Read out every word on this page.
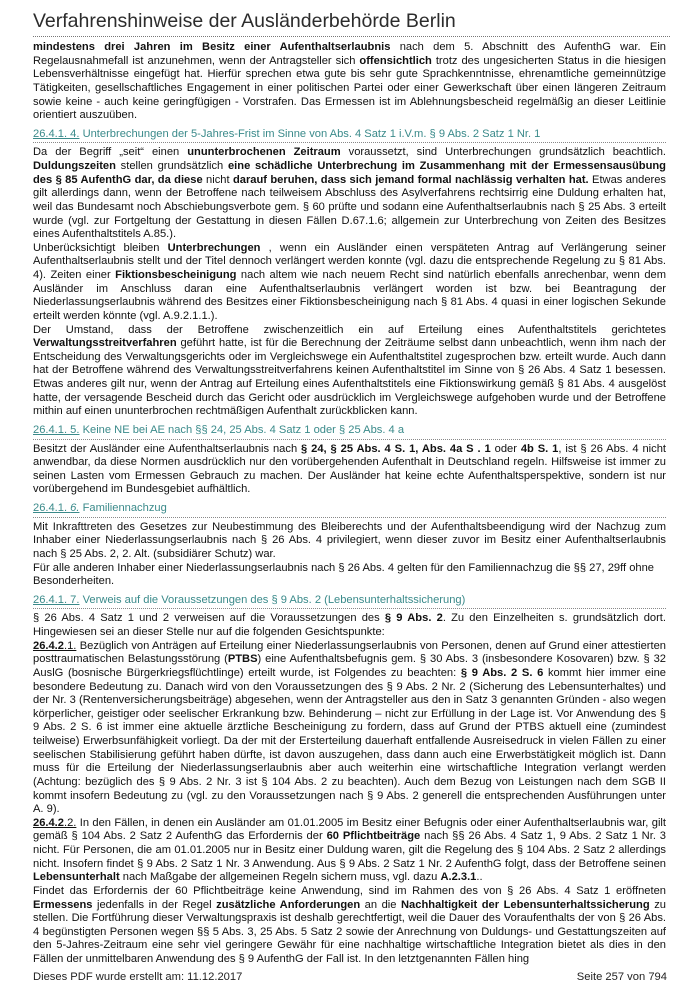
Verfahrenshinweise der Ausländerbehörde Berlin

mindestens drei Jahren im Besitz einer Aufenthaltserlaubnis nach dem 5. Abschnitt des AufenthG war. Ein Regelausnahmefall ist anzunehmen, wenn der Antragsteller sich offensichtlich trotz des ungesicherten Status in die hiesigen Lebensverhältnisse eingefügt hat. Hierfür sprechen etwa gute bis sehr gute Sprachkenntnisse, ehrenamtliche gemeinnützige Tätigkeiten, gesellschaftliches Engagement in einer politischen Partei oder einer Gewerkschaft über einen längeren Zeitraum sowie keine - auch keine geringfügigen - Vorstrafen. Das Ermessen ist im Ablehnungsbescheid regelmäßig an dieser Leitlinie orientiert auszuüben.

26.4.1. 4. Unterbrechungen der 5-Jahres-Frist im Sinne von Abs. 4 Satz 1 i.V.m. § 9 Abs. 2 Satz 1 Nr. 1

Da der Begriff „seit“ einen ununterbrochenen Zeitraum voraussetzt, sind Unterbrechungen grundsätzlich beachtlich. Duldungszeiten stellen grundsätzlich eine schädliche Unterbrechung im Zusammenhang mit der Ermessensausübung des § 85 AufenthG dar, da diese nicht darauf beruhen, dass sich jemand formal nachlässig verhalten hat. Etwas anderes gilt allerdings dann, wenn der Betroffene nach teilweisem Abschluss des Asylverfahrens rechtsirrig eine Duldung erhalten hat, weil das Bundesamt noch Abschiebungsverbote gem. § 60 prüfte und sodann eine Aufenthaltserlaubnis nach § 25 Abs. 3 erteilt wurde (vgl. zur Fortgeltung der Gestattung in diesen Fällen D.67.1.6; allgemein zur Unterbrechung von Zeiten des Besitzes eines Aufenthaltstitels A.85.).

Unberücksichtigt bleiben Unterbrechungen , wenn ein Ausländer einen verspäteten Antrag auf Verlängerung seiner Aufenthaltserlaubnis stellt und der Titel dennoch verlängert werden konnte (vgl. dazu die entsprechende Regelung zu § 81 Abs. 4). Zeiten einer Fiktionsbescheinigung nach altem wie nach neuem Recht sind natürlich ebenfalls anrechenbar, wenn dem Ausländer im Anschluss daran eine Aufenthaltserlaubnis verlängert worden ist bzw. bei Beantragung der Niederlassungserlaubnis während des Besitzes einer Fiktionsbescheinigung nach § 81 Abs. 4 quasi in einer logischen Sekunde erteilt werden könnte (vgl. A.9.2.1.1.).

Der Umstand, dass der Betroffene zwischenzeitlich ein auf Erteilung eines Aufenthaltstitels gerichtetes Verwaltungsstreitverfahren geführt hatte, ist für die Berechnung der Zeiträume selbst dann unbeachtlich, wenn ihm nach der Entscheidung des Verwaltungsgerichts oder im Vergleichswege ein Aufenthaltstitel zugesprochen bzw. erteilt wurde. Auch dann hat der Betroffene während des Verwaltungsstreitverfahrens keinen Aufenthaltstitel im Sinne von § 26 Abs. 4 Satz 1 besessen. Etwas anderes gilt nur, wenn der Antrag auf Erteilung eines Aufenthaltstitels eine Fiktionswirkung gemäß § 81 Abs. 4 ausgelöst hatte, der versagende Bescheid durch das Gericht oder ausdrücklich im Vergleichswege aufgehoben wurde und der Betroffene mithin auf einen ununterbrochen rechtmäßigen Aufenthalt zurückblicken kann.

26.4.1. 5. Keine NE bei AE nach §§ 24, 25 Abs. 4 Satz 1 oder § 25 Abs. 4 a

Besitzt der Ausländer eine Aufenthaltserlaubnis nach § 24, § 25 Abs. 4 S. 1, Abs. 4a S . 1 oder 4b S. 1, ist § 26 Abs. 4 nicht anwendbar, da diese Normen ausdrücklich nur den vorübergehenden Aufenthalt in Deutschland regeln. Hilfsweise ist immer zu seinen Lasten vom Ermessen Gebrauch zu machen. Der Ausländer hat keine echte Aufenthaltsperspektive, sondern ist nur vorübergehend im Bundesgebiet aufhältlich.

26.4.1. 6. Familiennachzug

Mit Inkrafttreten des Gesetzes zur Neubestimmung des Bleiberechts und der Aufenthaltsbeendigung wird der Nachzug zum Inhaber einer Niederlassungserlaubnis nach § 26 Abs. 4 privilegiert, wenn dieser zuvor im Besitz einer Aufenthaltserlaubnis nach § 25 Abs. 2, 2. Alt. (subsidiärer Schutz) war.

Für alle anderen Inhaber einer Niederlassungserlaubnis nach § 26 Abs. 4 gelten für den Familiennachzug die §§ 27, 29ff ohne Besonderheiten.

26.4.1. 7. Verweis auf die Voraussetzungen des § 9 Abs. 2 (Lebensunterhaltssicherung)

§ 26 Abs. 4 Satz 1 und 2 verweisen auf die Voraussetzungen des § 9 Abs. 2. Zu den Einzelheiten s. grundsätzlich dort. Hingewiesen sei an dieser Stelle nur auf die folgenden Gesichtspunkte:

26.4.2.1. Bezüglich von Anträgen auf Erteilung einer Niederlassungserlaubnis von Personen, denen auf Grund einer attestierten posttraumatischen Belastungsstörung (PTBS) eine Aufenthaltsbefugnis gem. § 30 Abs. 3 (insbesondere Kosovaren) bzw. § 32 AuslG (bosnische Bürgerkriegsflüchtlinge) erteilt wurde, ist Folgendes zu beachten: § 9 Abs. 2 S. 6 kommt hier immer eine besondere Bedeutung zu. Danach wird von den Voraussetzungen des § 9 Abs. 2 Nr. 2 (Sicherung des Lebensunterhaltes) und der Nr. 3 (Rentenversicherungsbeiträge) abgesehen, wenn der Antragsteller aus den in Satz 3 genannten Gründen - also wegen körperlicher, geistiger oder seelischer Erkrankung bzw. Behinderung – nicht zur Erfüllung in der Lage ist. Vor Anwendung des § 9 Abs. 2 S. 6 ist immer eine aktuelle ärztliche Bescheinigung zu fordern, dass auf Grund der PTBS aktuell eine (zumindest teilweise) Erwerbsunfähigkeit vorliegt. Da der mit der Ersterteilung dauerhaft entfallende Ausreisedruck in vielen Fällen zu einer seelischen Stabilisierung geführt haben dürfte, ist davon auszugehen, dass dann auch eine Erwerbstätigkeit möglich ist. Dann muss für die Erteilung der Niederlassungserlaubnis aber auch weiterhin eine wirtschaftliche Integration verlangt werden (Achtung: bezüglich des § 9 Abs. 2 Nr. 3 ist § 104 Abs. 2 zu beachten). Auch dem Bezug von Leistungen nach dem SGB II kommt insofern Bedeutung zu (vgl. zu den Voraussetzungen nach § 9 Abs. 2 generell die entsprechenden Ausführungen unter A. 9).

26.4.2.2. In den Fällen, in denen ein Ausländer am 01.01.2005 im Besitz einer Befugnis oder einer Aufenthaltserlaubnis war, gilt gemäß § 104 Abs. 2 Satz 2 AufenthG das Erfordernis der 60 Pflichtbeiträge nach §§ 26 Abs. 4 Satz 1, 9 Abs. 2 Satz 1 Nr. 3 nicht. Für Personen, die am 01.01.2005 nur in Besitz einer Duldung waren, gilt die Regelung des § 104 Abs. 2 Satz 2 allerdings nicht. Insofern findet § 9 Abs. 2 Satz 1 Nr. 3 Anwendung. Aus § 9 Abs. 2 Satz 1 Nr. 2 AufenthG folgt, dass der Betroffene seinen Lebensunterhalt nach Maßgabe der allgemeinen Regeln sichern muss, vgl. dazu A.2.3.1..

Findet das Erfordernis der 60 Pflichtbeiträge keine Anwendung, sind im Rahmen des von § 26 Abs. 4 Satz 1 eröffneten Ermessens jedenfalls in der Regel zusätzliche Anforderungen an die Nachhaltigkeit der Lebensunterhaltssicherung zu stellen. Die Fortführung dieser Verwaltungspraxis ist deshalb gerechtfertigt, weil die Dauer des Voraufenthalts der von § 26 Abs. 4 begünstigten Personen wegen §§ 5 Abs. 3, 25 Abs. 5 Satz 2 sowie der Anrechnung von Duldungs- und Gestattungszeiten auf den 5-Jahres-Zeitraum eine sehr viel geringere Gewähr für eine nachhaltige wirtschaftliche Integration bietet als dies in den Fällen der unmittelbaren Anwendung des § 9 AufenthG der Fall ist. In den letztgenannten Fällen hing

Dieses PDF wurde erstellt am: 11.12.2017	Seite 257 von 794
